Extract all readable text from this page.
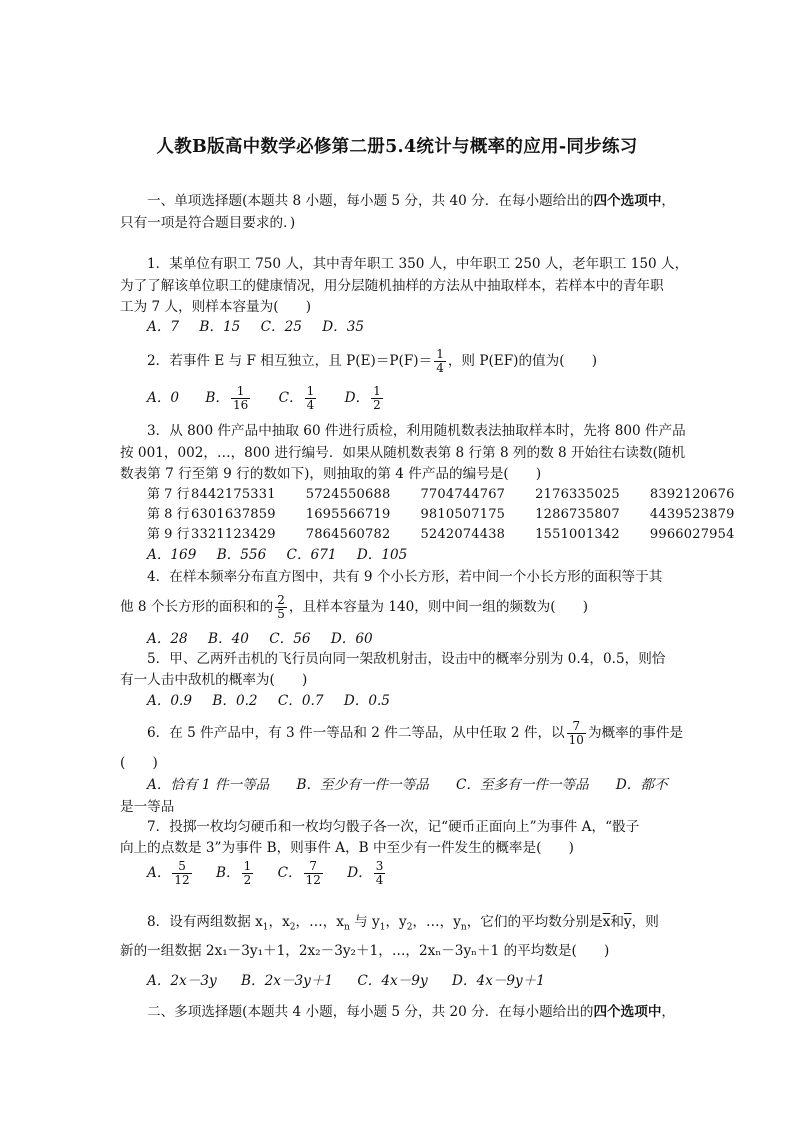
人教B版高中数学必修第二册5.4统计与概率的应用-同步练习
一、单项选择题(本题共 8 小题，每小题 5 分，共 40 分．在每小题给出的四个选项中，
只有一项是符合题目要求的．)
1．某单位有职工 750 人，其中青年职工 350 人，中年职工 250 人，老年职工 150 人，
为了了解该单位职工的健康情况，用分层随机抽样的方法从中抽取样本，若样本中的青年职
工为 7 人，则样本容量为(　　)
A．7 B．15 C．25 D．35
2．若事件 E 与 F 相互独立，且 $P(E)=P(F)= \frac{1}{4}$ ，则 P(EF)的值为(　　)
A．0 B． $\frac{1}{16}$ C． $\frac{1}{4}$ D． $\frac{1}{2}$
3．从 800 件产品中抽取 60 件进行质检，利用随机数表法抽取样本时，先将 800 件产品
按 001，002，…，800 进行编号．如果从随机数表第 8 行第 8 列的数 8 开始往右读数(随机
数表第 7 行至第 9 行的数如下)，则抽取的第 4 件产品的编号是(　　)
第 7 行8442175331 5724550688 7704744767 2176335025 8392120676
第 8 行6301637859 1695566719 9810507175 1286735807 4439523879
第 9 行3321123429 7864560782 5242074438 1551001342 9966027954
A．169 B．556 C．671 D．105
4．在样本频率分布直方图中，共有 9 个小长方形，若中间一个小长方形的面积等于其
他 8 个长方形的面积和的 $\frac{2}{5}$ ，且样本容量为 140，则中间一组的频数为(　　)
A．28 B．40 C．56 D．60
5．甲、乙两歼击机的飞行员向同一架敌机射击，设击中的概率分别为 0.4，0.5，则恰
有一人击中敌机的概率为(　　)
A．0.9 B．0.2 C．0.7 D．0.5
6．在 5 件产品中，有 3 件一等品和 2 件二等品，从中任取 2 件，以 $\frac{7}{10}$ 为概率的事件是
(　　)
A．恰有 1 件一等品　　B．至少有一件一等品　　C．至多有一件一等品　　D．都不
是一等品
7．投掷一枚均匀硬币和一枚均匀骰子各一次，记“硬币正面向上”为事件 A，“骰子
向上的点数是 3”为事件 B，则事件 A，B 中至少有一件发生的概率是(　　)
A． $\frac{5}{12}$ B． $\frac{1}{2}$ C． $\frac{7}{12}$ D． $\frac{3}{4}$
8．设有两组数据 $x_1$，$x_2$，…，$x_n$ 与 $y_1$，$y_2$，…，$y_n$，它们的平均数分别是$\overline{x}$和$\overline{y}$，则
新的一组数据 2x₁－3y₁＋1，2x₂－3y₂＋1，…，2xₙ－3yₙ＋1 的平均数是(　　)
A．2x－3y B．2x－3y＋1 C．4x－9y D．4x－9y＋1
二、多项选择题(本题共 4 小题，每小题 5 分，共 20 分．在每小题给出的四个选项中，
